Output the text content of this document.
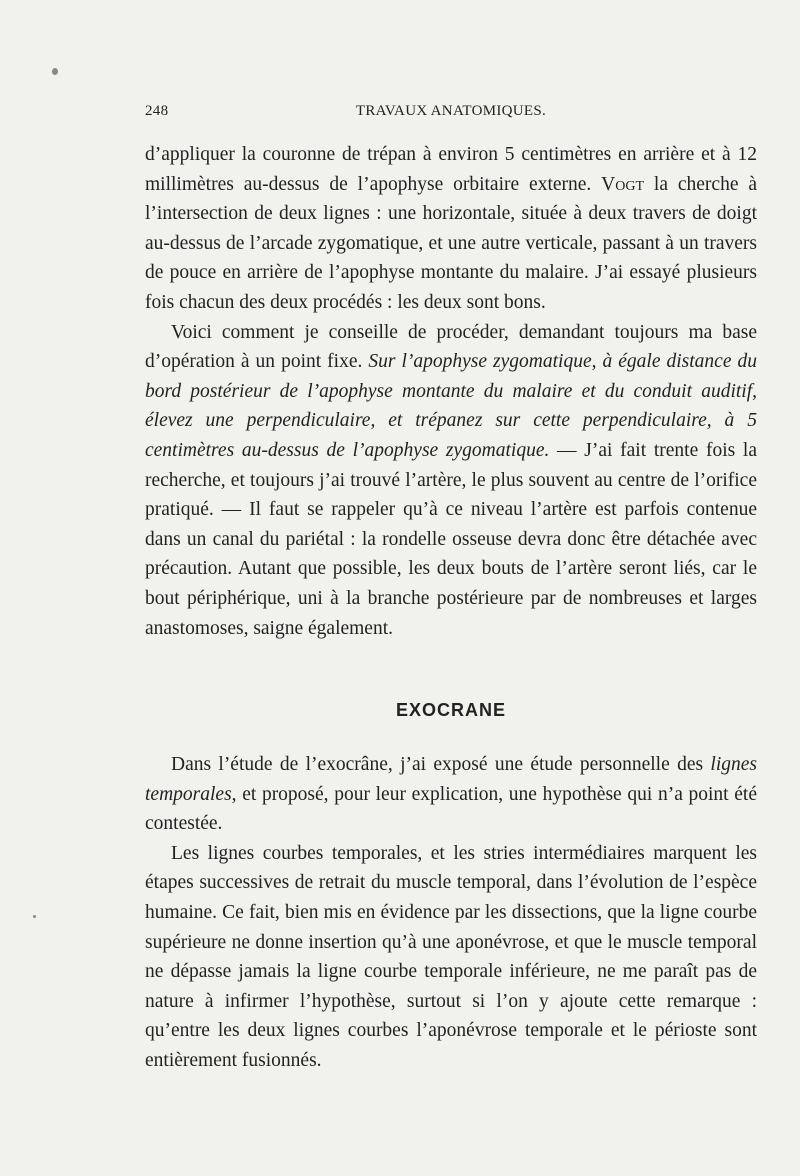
248	TRAVAUX ANATOMIQUES.

d’appliquer la couronne de trépan à environ 5 centimètres en arrière et à 12 millimètres au-dessus de l’apophyse orbitaire externe. Vogt la cherche à l’intersection de deux lignes : une horizontale, située à deux travers de doigt au-dessus de l’arcade zygomatique, et une autre verticale, passant à un travers de pouce en arrière de l’apophyse montante du malaire. J’ai essayé plusieurs fois chacun des deux procédés : les deux sont bons.

Voici comment je conseille de procéder, demandant toujours ma base d’opération à un point fixe. Sur l’apophyse zygomatique, à égale distance du bord postérieur de l’apophyse montante du malaire et du conduit auditif, élevez une perpendiculaire, et trépanez sur cette perpendiculaire, à 5 centimètres au-dessus de l’apophyse zygomatique. — J’ai fait trente fois la recherche, et toujours j’ai trouvé l’artère, le plus souvent au centre de l’orifice pratiqué. — Il faut se rappeler qu’à ce niveau l’artère est parfois contenue dans un canal du pariétal : la rondelle osseuse devra donc être détachée avec précaution. Autant que possible, les deux bouts de l’artère seront liés, car le bout périphérique, uni à la branche postérieure par de nombreuses et larges anastomoses, saigne également.

EXOCRANE

Dans l’étude de l’exocrâne, j’ai exposé une étude personnelle des lignes temporales, et proposé, pour leur explication, une hypothèse qui n’a point été contestée.

Les lignes courbes temporales, et les stries intermédiaires marquent les étapes successives de retrait du muscle temporal, dans l’évolution de l’espèce humaine. Ce fait, bien mis en évidence par les dissections, que la ligne courbe supérieure ne donne insertion qu’à une aponévrose, et que le muscle temporal ne dépasse jamais la ligne courbe temporale inférieure, ne me paraît pas de nature à infirmer l’hypothèse, surtout si l’on y ajoute cette remarque : qu’entre les deux lignes courbes l’aponévrose temporale et le périoste sont entièrement fusionnés.
